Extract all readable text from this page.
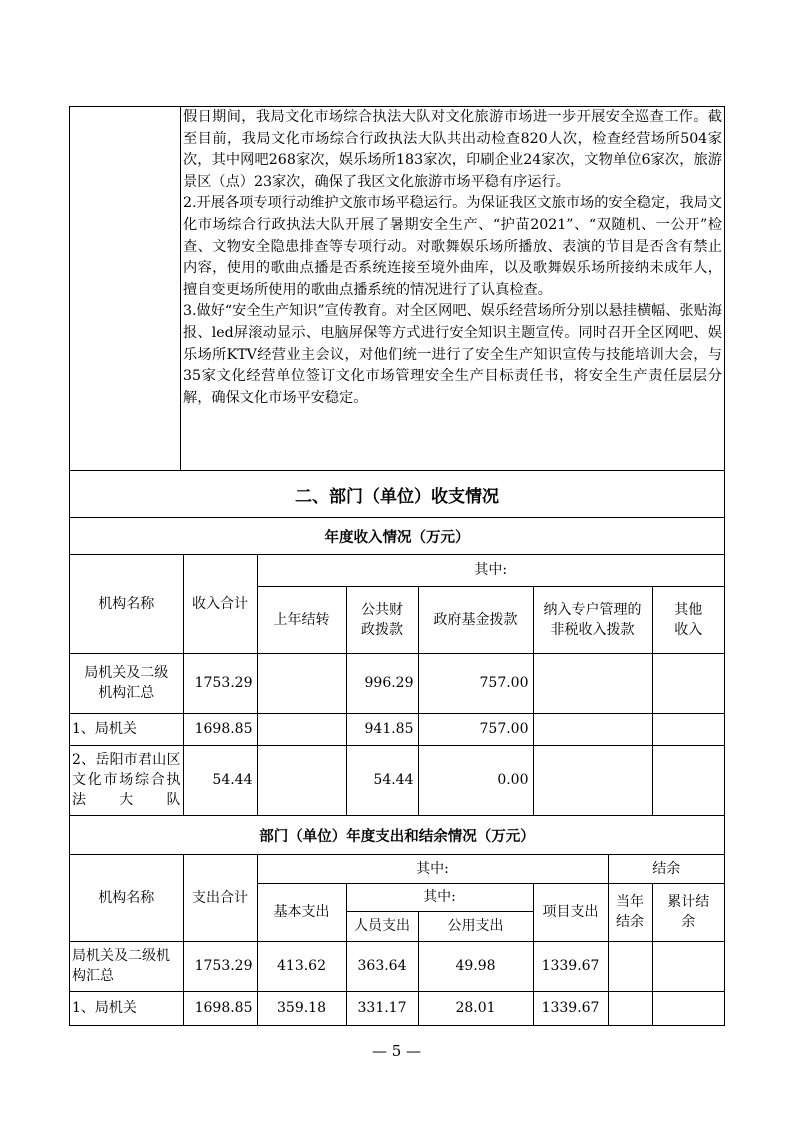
假日期间，我局文化市场综合执法大队对文化旅游市场进一步开展安全巡查工作。截至目前，我局文化市场综合行政执法大队共出动检查820人次，检查经营场所504家次，其中网吧268家次，娱乐场所183家次，印刷企业24家次，文物单位6家次，旅游景区（点）23家次，确保了我区文化旅游市场平稳有序运行。

2.开展各项专项行动维护文旅市场平稳运行。为保证我区文旅市场的安全稳定，我局文化市场综合行政执法大队开展了暑期安全生产、“护苗2021”、“双随机、一公开”检查、文物安全隐患排查等专项行动。对歌舞娱乐场所播放、表演的节目是否含有禁止内容，使用的歌曲点播是否系统连接至境外曲库，以及歌舞娱乐场所接纳未成年人，擅自变更场所使用的歌曲点播系统的情况进行了认真检查。

3.做好“安全生产知识”宣传教育。对全区网吧、娱乐经营场所分别以悬挂横幅、张贴海报、led屏滚动显示、电脑屏保等方式进行安全知识主题宣传。同时召开全区网吧、娱乐场所KTV经营业主会议，对他们统一进行了安全生产知识宣传与技能培训大会，与35家文化经营单位签订文化市场管理安全生产目标责任书，将安全生产责任层层分解，确保文化市场平安稳定。

二、部门（单位）收支情况
年度收入情况（万元）
机构名称	收入合计	其中:				
		上年结转	公共财政拨款	政府基金拨款	纳入专户管理的非税收入拨款	其他收入
局机关及二级机构汇总	1753.29		996.29	757.00		
1、局机关	1698.85		941.85	757.00		
2、岳阳市君山区文化市场综合执法大队	54.44		54.44	0.00		
部门（单位）年度支出和结余情况（万元）
机构名称	支出合计	其中:				结余	
		基本支出	其中:		项目支出	当年结余	累计结余
			人员支出	公用支出			
局机关及二级机构汇总	1753.29	413.62	363.64	49.98	1339.67		
1、局机关	1698.85	359.18	331.17	28.01	1339.67		
— 5 —
